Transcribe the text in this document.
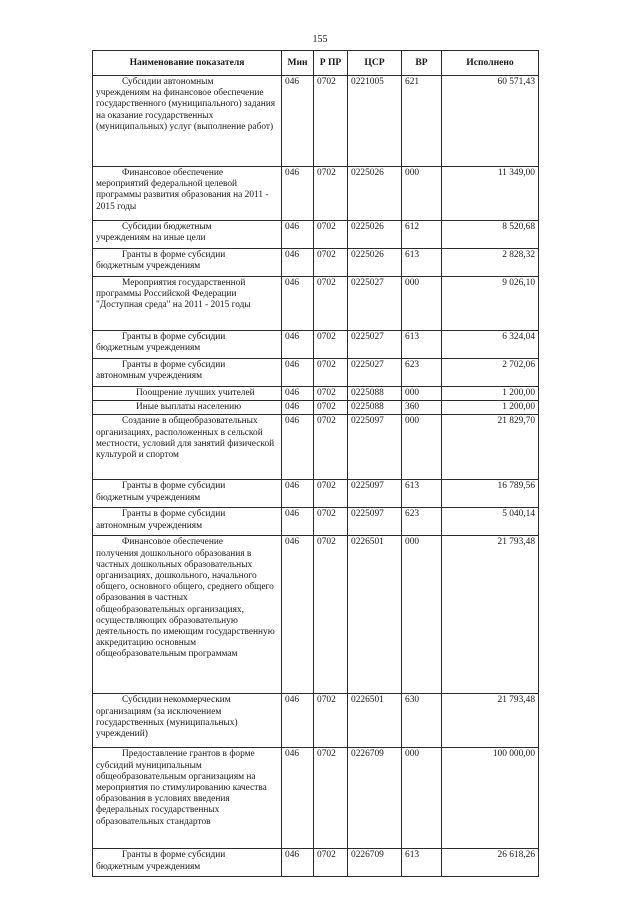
155
Наименование показателя	Мин	Р ПР	ЦСР	ВР	Исполнено

Субсидии автономным
учреждениям на финансовое обеспечение государственного (муниципального) задания на оказание государственных (муниципальных) услуг (выполнение работ)	046	0702	0221005	621	60 571,43

Финансовое обеспечение
мероприятий федеральной целевой программы развития образования на 2011 - 2015 годы	046	0702	0225026	000	11 349,00

Субсидии бюджетным
учреждениям на иные цели	046	0702	0225026	612	8 520,68

Гранты в форме субсидии
бюджетным учреждениям	046	0702	0225026	613	2 828,32

Мероприятия государственной
программы Российской Федерации "Доступная среда" на 2011 - 2015 годы	046	0702	0225027	000	9 026,10

Гранты в форме субсидии
бюджетным учреждениям	046	0702	0225027	613	6 324,04

Гранты в форме субсидии
автономным учреждениям	046	0702	0225027	623	2 702,06

Поощрение лучших учителей	046	0702	0225088	000	1 200,00

Иные выплаты населению	046	0702	0225088	360	1 200,00

Создание в общеобразовательных
организациях, расположенных в сельской местности, условий для занятий физической культурой и спортом	046	0702	0225097	000	21 829,70

Гранты в форме субсидии
бюджетным учреждениям	046	0702	0225097	613	16 789,56

Гранты в форме субсидии
автономным учреждениям	046	0702	0225097	623	5 040,14

Финансовое обеспечение
получения дошкольного образования в частных дошкольных образовательных организациях, дошкольного, начального общего, основного общего, среднего общего образования в частных общеобразовательных организациях, осуществляющих образовательную деятельность по имеющим государственную аккредитацию основным общеобразовательным программам	046	0702	0226501	000	21 793,48

Субсидии некоммерческим
организациям (за исключением государственных (муниципальных) учреждений)	046	0702	0226501	630	21 793,48

Предоставление грантов в форме
субсидий муниципальным общеобразовательным организациям на мероприятия по стимулированию качества образования в условиях введения федеральных государственных образовательных стандартов	046	0702	0226709	000	100 000,00

Гранты в форме субсидии
бюджетным учреждениям	046	0702	0226709	613	26 618,26
